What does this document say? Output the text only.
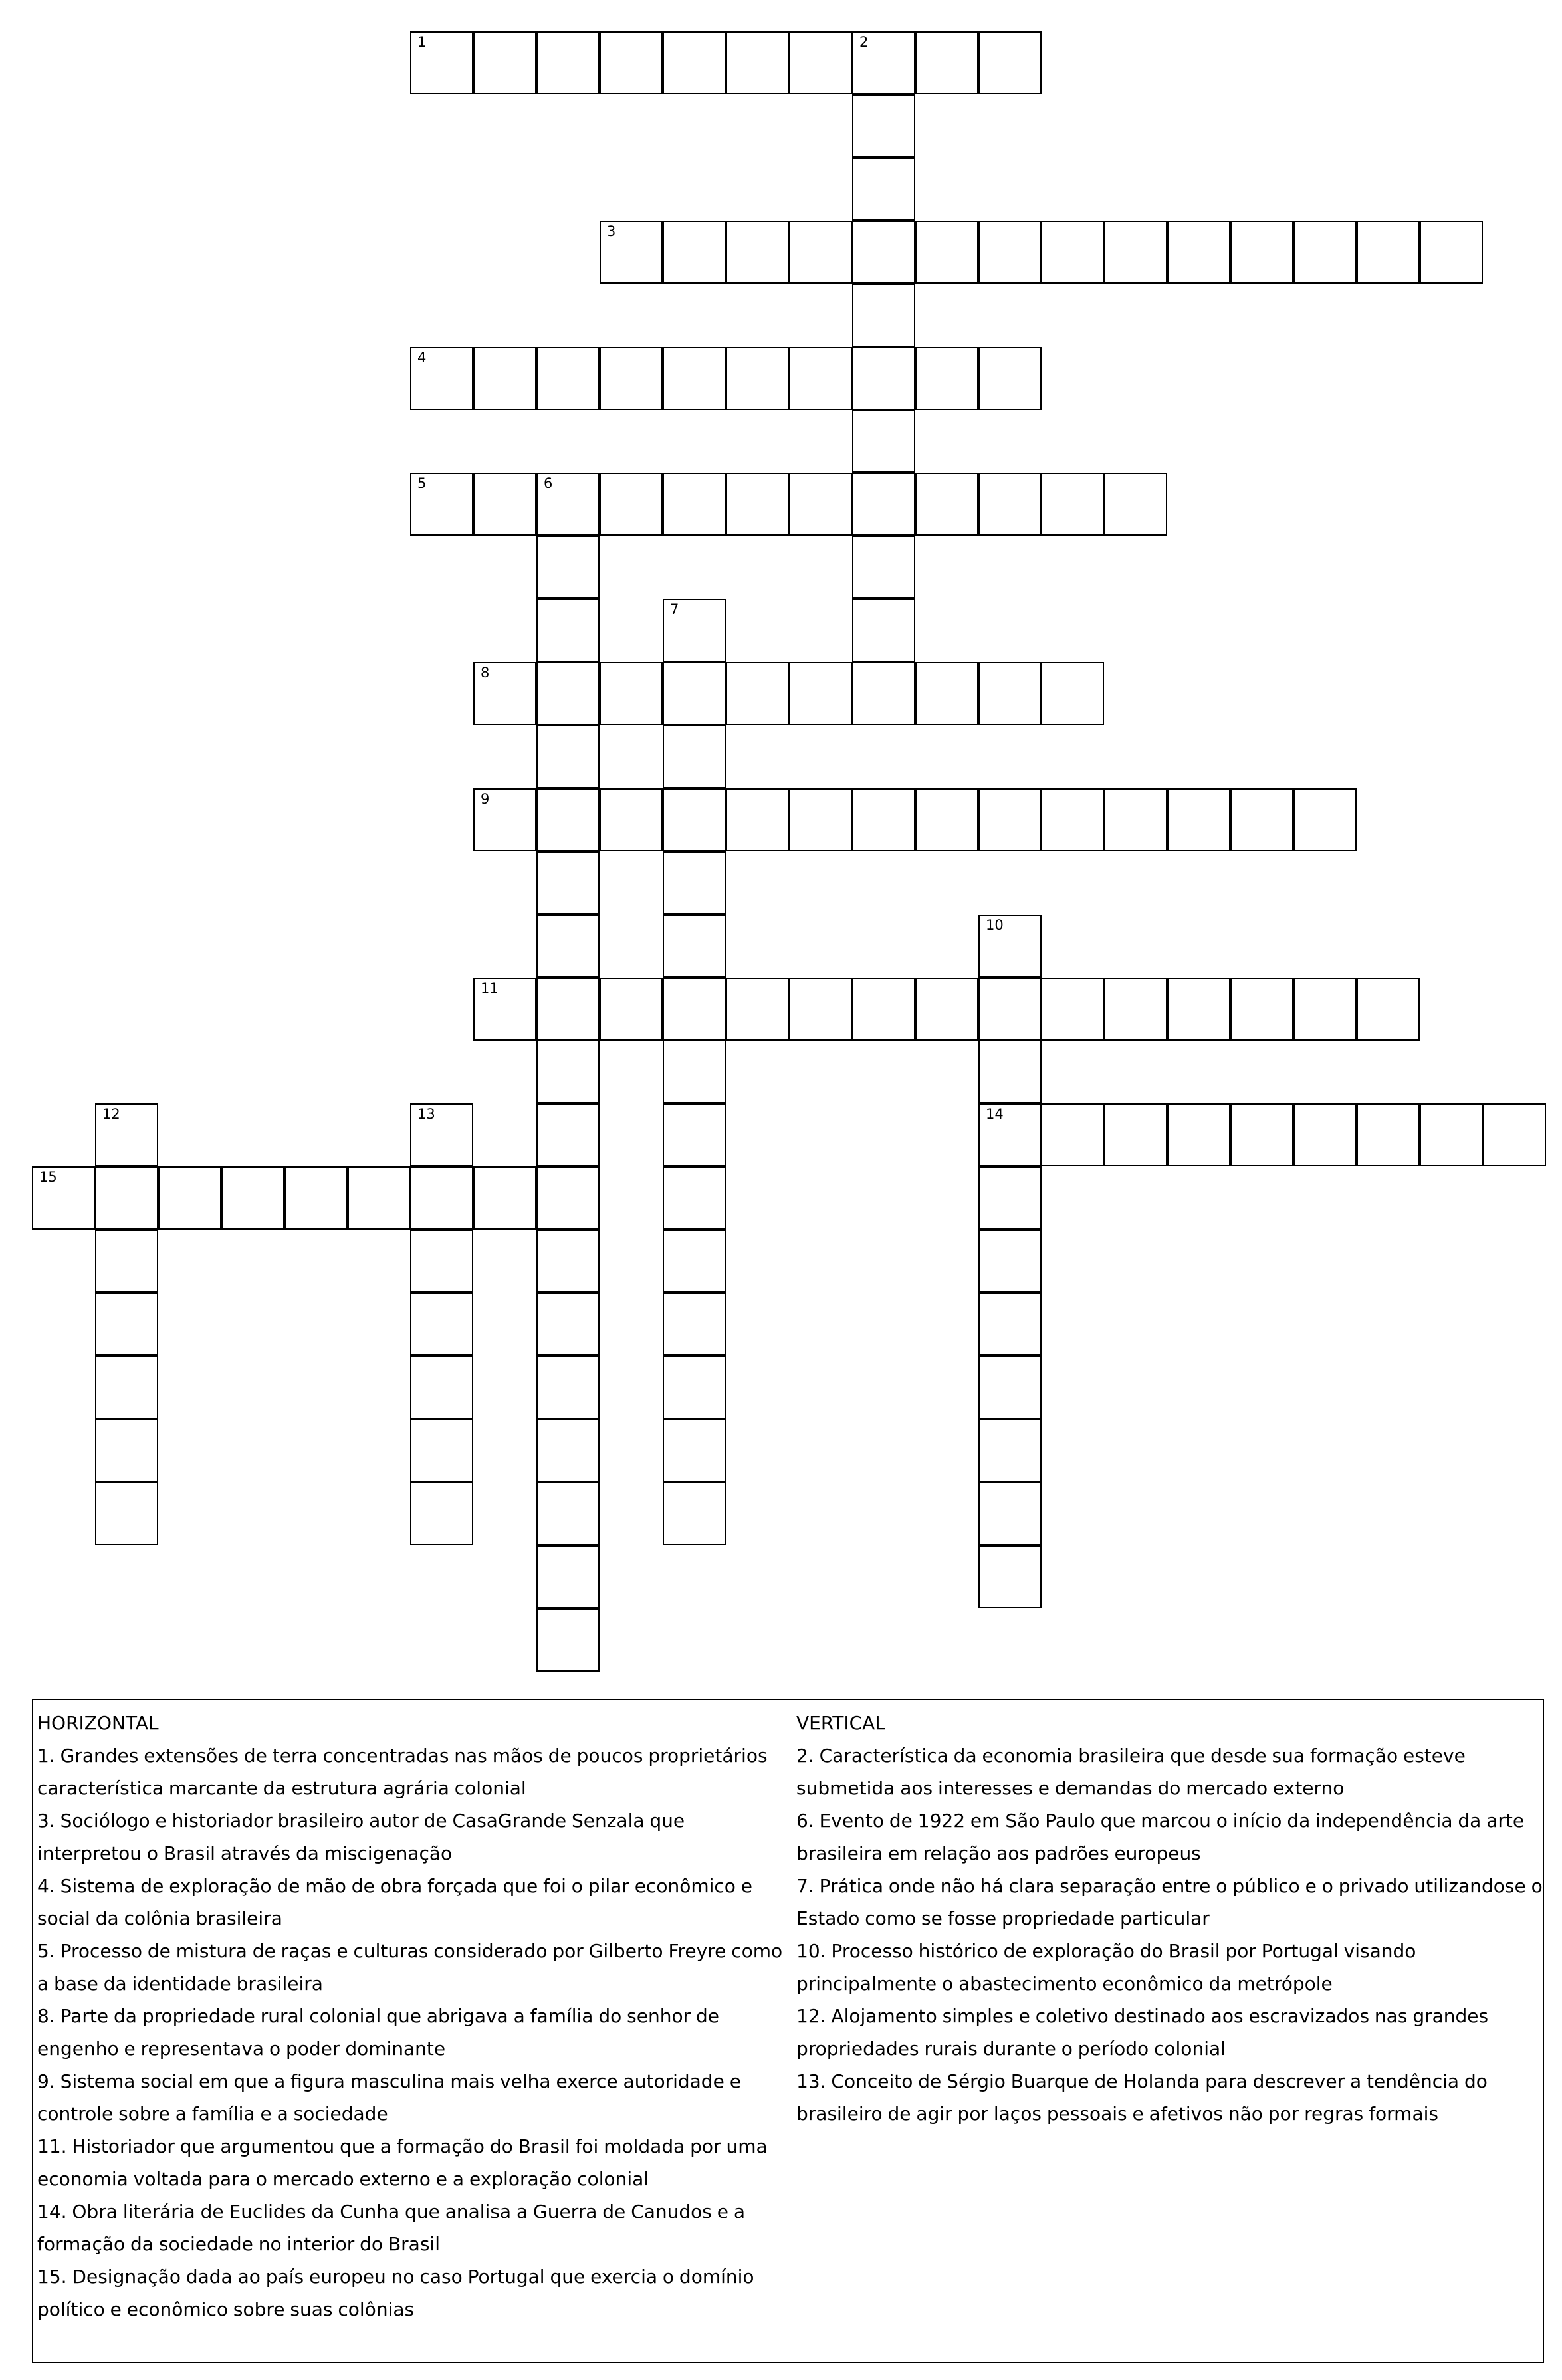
1	2
3
4
5	6
7
8
9
10
14
11
12	13
15
HORIZONTAL
1. Grandes extensões de terra concentradas nas mãos de poucos proprietários característica marcante da estrutura agrária colonial
3. Sociólogo e historiador brasileiro autor de CasaGrande Senzala que interpretou o Brasil através da miscigenação
4. Sistema de exploração de mão de obra forçada que foi o pilar econômico e social da colônia brasileira
5. Processo de mistura de raças e culturas considerado por Gilberto Freyre como a base da identidade brasileira
8. Parte da propriedade rural colonial que abrigava a família do senhor de engenho e representava o poder dominante
9. Sistema social em que a figura masculina mais velha exerce autoridade e controle sobre a família e a sociedade
11. Historiador que argumentou que a formação do Brasil foi moldada por uma economia voltada para o mercado externo e a exploração colonial
14. Obra literária de Euclides da Cunha que analisa a Guerra de Canudos e a formação da sociedade no interior do Brasil
15. Designação dada ao país europeu no caso Portugal que exercia o domínio político e econômico sobre suas colônias
VERTICAL
2. Característica da economia brasileira que desde sua formação esteve submetida aos interesses e demandas do mercado externo
6. Evento de 1922 em São Paulo que marcou o início da independência da arte brasileira em relação aos padrões europeus
7. Prática onde não há clara separação entre o público e o privado utilizandose o Estado como se fosse propriedade particular
10. Processo histórico de exploração do Brasil por Portugal visando principalmente o abastecimento econômico da metrópole
12. Alojamento simples e coletivo destinado aos escravizados nas grandes propriedades rurais durante o período colonial
13. Conceito de Sérgio Buarque de Holanda para descrever a tendência do brasileiro de agir por laços pessoais e afetivos não por regras formais
